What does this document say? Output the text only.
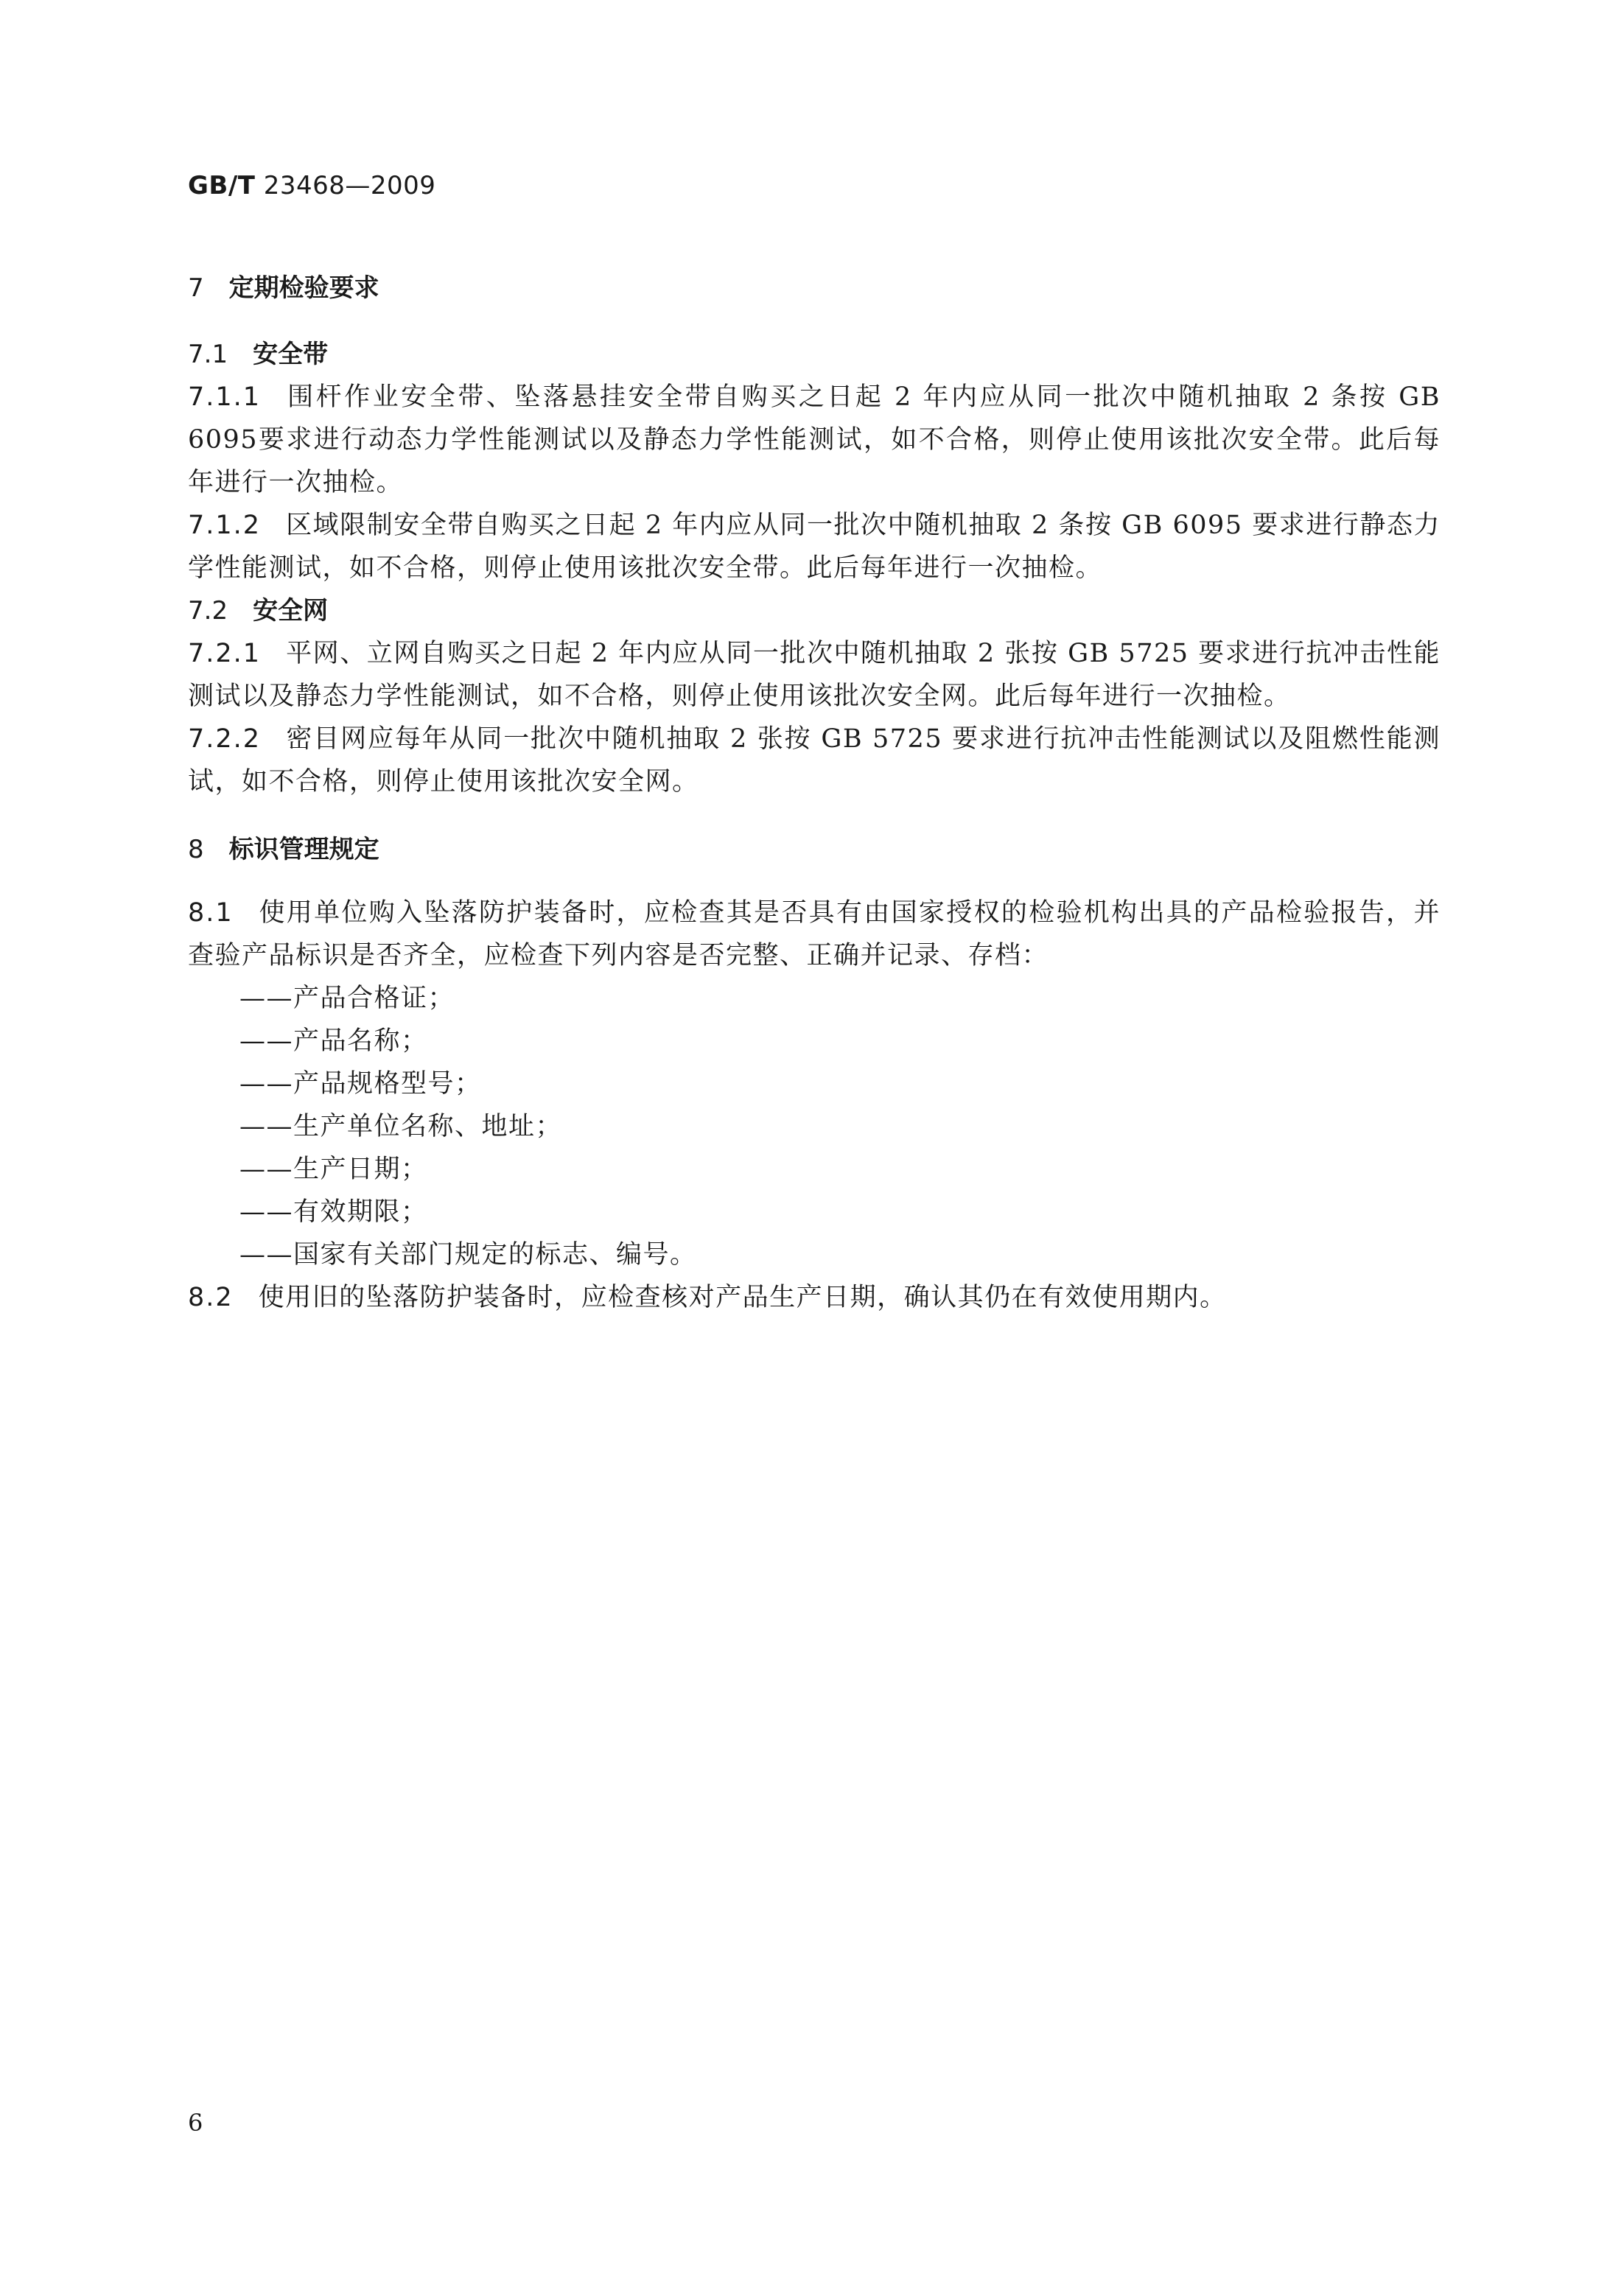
GB/T 23468—2009
7 定期检验要求
7.1 安全带
7.1.1 围杆作业安全带、坠落悬挂安全带自购买之日起 2 年内应从同一批次中随机抽取 2 条按 GB 6095要求进行动态力学性能测试以及静态力学性能测试，如不合格，则停止使用该批次安全带。此后每年进行一次抽检。
7.1.2 区域限制安全带自购买之日起 2 年内应从同一批次中随机抽取 2 条按 GB 6095 要求进行静态力学性能测试，如不合格，则停止使用该批次安全带。此后每年进行一次抽检。
7.2 安全网
7.2.1 平网、立网自购买之日起 2 年内应从同一批次中随机抽取 2 张按 GB 5725 要求进行抗冲击性能测试以及静态力学性能测试，如不合格，则停止使用该批次安全网。此后每年进行一次抽检。
7.2.2 密目网应每年从同一批次中随机抽取 2 张按 GB 5725 要求进行抗冲击性能测试以及阻燃性能测试，如不合格，则停止使用该批次安全网。
8 标识管理规定
8.1 使用单位购入坠落防护装备时，应检查其是否具有由国家授权的检验机构出具的产品检验报告，并查验产品标识是否齐全，应检查下列内容是否完整、正确并记录、存档：
——产品合格证；
——产品名称；
——产品规格型号；
——生产单位名称、地址；
——生产日期；
——有效期限；
——国家有关部门规定的标志、编号。
8.2 使用旧的坠落防护装备时，应检查核对产品生产日期，确认其仍在有效使用期内。
6
